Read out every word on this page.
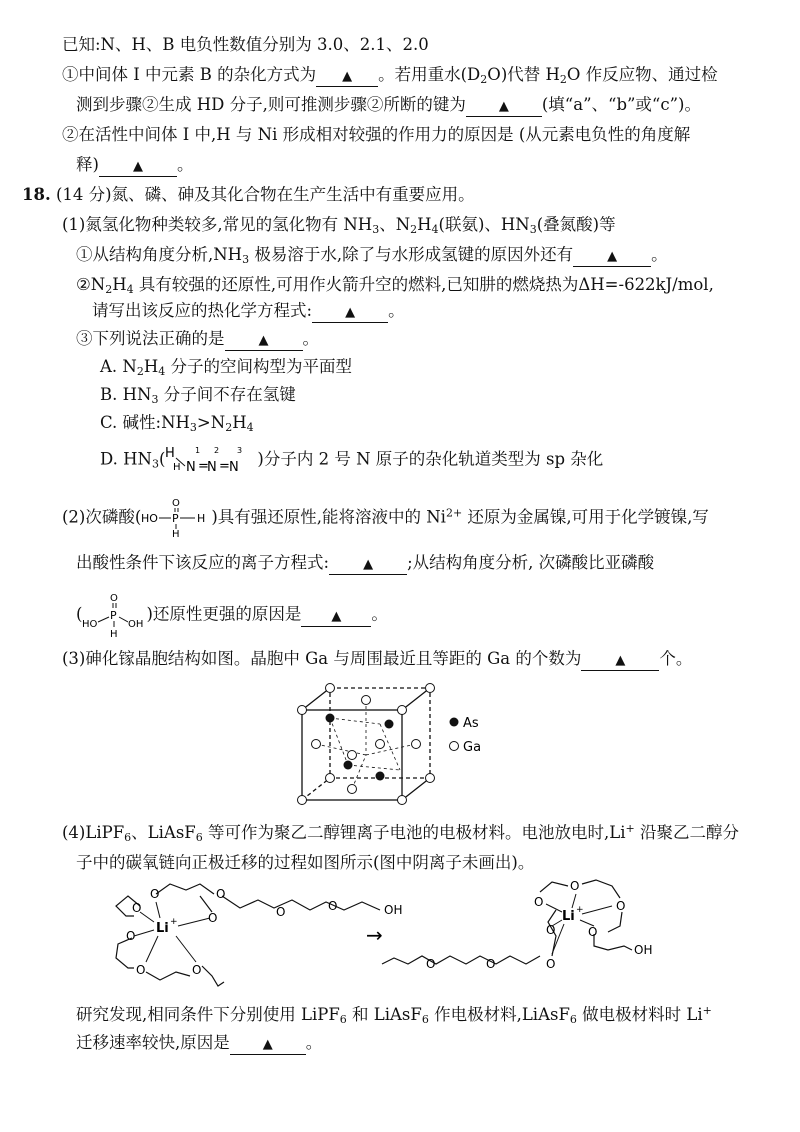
已知:N、H、B 电负性数值分别为 3.0、2.1、2.0
①中间体 I 中元素 B 的杂化方式为 ▲ 。若用重水$(D_2O)$代替 $H_2O$ 作反应物、通过检
测到步骤②生成 HD 分子,则可推测步骤②所断的键为	▲ (填“a”、“b”或“c”)。
②在活性中间体 I 中,H 与 Ni 形成相对较强的作用力的原因是 (从元素电负性的角度解
释)	▲ 。
18. (14 分)氮、磷、砷及其化合物在生产生活中有重要应用。
(1)氮氢化物种类较多,常见的氢化物有 $NH_3$、$N_2H_4$(联氨)、$HN_3$(叠氮酸)等
①从结构角度分析$,NH_3$ 极易溶于水,除了与水形成氢键的原因外还有	▲ 。
$②N_2H_4$ 具有较强的还原性,可用作火箭升空的燃料,已知肼的燃烧热为ΔH=-622kJ/mol,
请写出该反应的热化学方程式:	▲ 。
③下列说法正确的是	▲ 。
A. $N_2H_4$ 分子的空间构型为平面型
B. $HN_3$ 分子间不存在氢键
C. 碱性$:NH_3>N_2H_4$
D. $HN_3$( H
H
1
N =
2
N =
3
N )分子内 2 号 N 原子的杂化轨道类型为 sp 杂化
(2)次磷酸( HO P
O
H
H
)具有强还原性,能将溶液中的 $Ni^{2+}$ 还原为金属镍,可用于化学镀镍,写
出酸性条件下该反应的离子方程式:	▲ ;从结构角度分析, 次磷酸比亚磷酸
(
O
P
HO	OH
H
)还原性更强的原因是 ▲ 。
(3)砷化镓晶胞结构如图。晶胞中 Ga 与周围最近且等距的 Ga 的个数为	▲ 个。
As
Ga
(4)LiPF$_6$、LiAsF$_6$ 等可作为聚乙二醇锂离子电池的电极材料。电池放电时,Li+ 沿聚乙二醇分
子中的碳氧链向正极迁移的过程如图所示(图中阴离子未画出)。
O	O
O
O
O	O
O	O	O	OH
Li +
→
O	O	O
O
O
O
O
O
OH
Li +
研究发现,相同条件下分别使用 LiPF$_6$ 和 LiAsF$_6$ 作电极材料,LiAsF$_6$ 做电极材料时 Li+
迁移速率较快,原因是	▲ 。
